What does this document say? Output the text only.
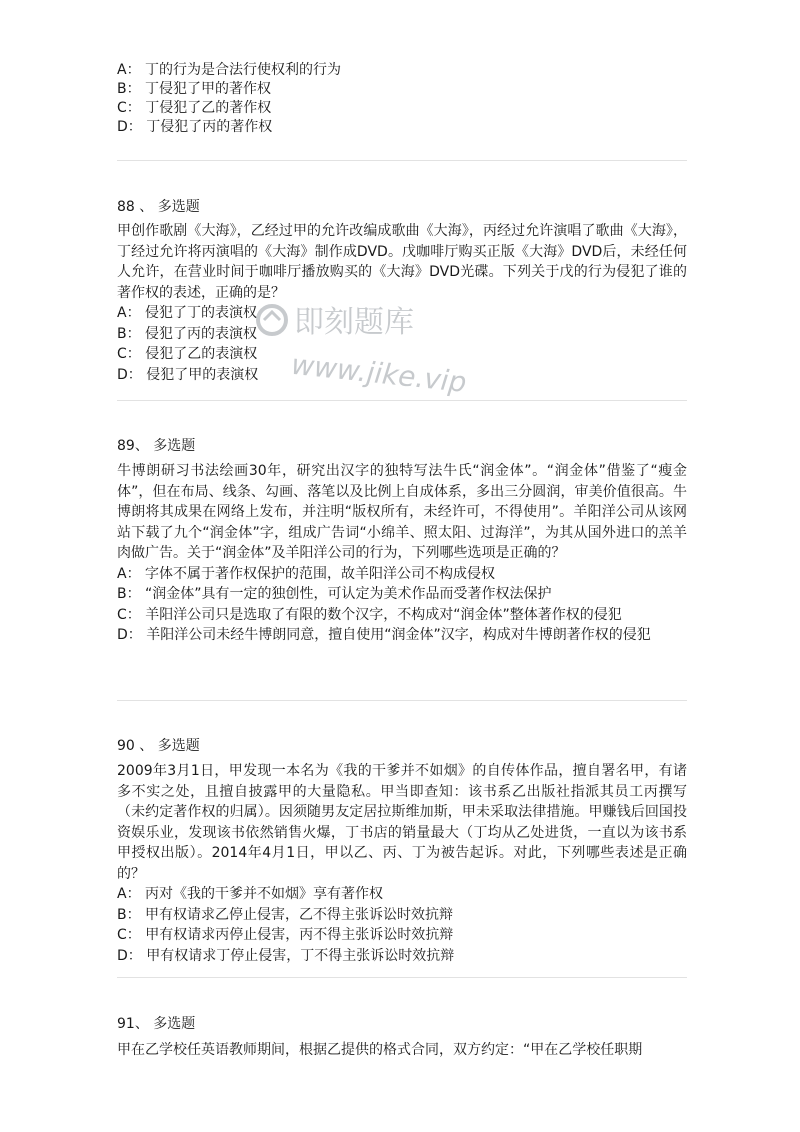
A： 丁的行为是合法行使权利的行为
B： 丁侵犯了甲的著作权
C： 丁侵犯了乙的著作权
D： 丁侵犯了丙的著作权
88 、 多选题
甲创作歌剧《大海》，乙经过甲的允许改编成歌曲《大海》，丙经过允许演唱了歌曲《大海》，丁经过允许将丙演唱的《大海》制作成DVD。戊咖啡厅购买正版《大海》DVD后，未经任何人允许，在营业时间于咖啡厅播放购买的《大海》DVD光碟。下列关于戊的行为侵犯了谁的著作权的表述，正确的是？
A： 侵犯了丁的表演权
B： 侵犯了丙的表演权
C： 侵犯了乙的表演权
D： 侵犯了甲的表演权
89、 多选题
牛博朗研习书法绘画30年，研究出汉字的独特写法牛氏“润金体”。“润金体”借鉴了“瘦金体”，但在布局、线条、勾画、落笔以及比例上自成体系，多出三分圆润，审美价值很高。牛博朗将其成果在网络上发布，并注明“版权所有，未经许可，不得使用”。羊阳洋公司从该网站下载了九个“润金体”字，组成广告词“小绵羊、照太阳、过海洋”，为其从国外进口的羔羊肉做广告。关于“润金体”及羊阳洋公司的行为，下列哪些选项是正确的？
A： 字体不属于著作权保护的范围，故羊阳洋公司不构成侵权
B： “润金体”具有一定的独创性，可认定为美术作品而受著作权法保护
C： 羊阳洋公司只是选取了有限的数个汉字，不构成对“润金体”整体著作权的侵犯
D： 羊阳洋公司未经牛博朗同意，擅自使用“润金体”汉字，构成对牛博朗著作权的侵犯
90 、 多选题
2009年3月1日，甲发现一本名为《我的干爹并不如烟》的自传体作品，擅自署名甲，有诸多不实之处，且擅自披露甲的大量隐私。甲当即查知：该书系乙出版社指派其员工丙撰写（未约定著作权的归属）。因须随男友定居拉斯维加斯，甲未采取法律措施。甲赚钱后回国投资娱乐业，发现该书依然销售火爆，丁书店的销量最大（丁均从乙处进货，一直以为该书系甲授权出版）。2014年4月1日，甲以乙、丙、丁为被告起诉。对此，下列哪些表述是正确的？
A： 丙对《我的干爹并不如烟》享有著作权
B： 甲有权请求乙停止侵害，乙不得主张诉讼时效抗辩
C： 甲有权请求丙停止侵害，丙不得主张诉讼时效抗辩
D： 甲有权请求丁停止侵害，丁不得主张诉讼时效抗辩
91、 多选题
甲在乙学校任英语教师期间，根据乙提供的格式合同，双方约定：“甲在乙学校任职期
即刻题库
www.jike.vip
